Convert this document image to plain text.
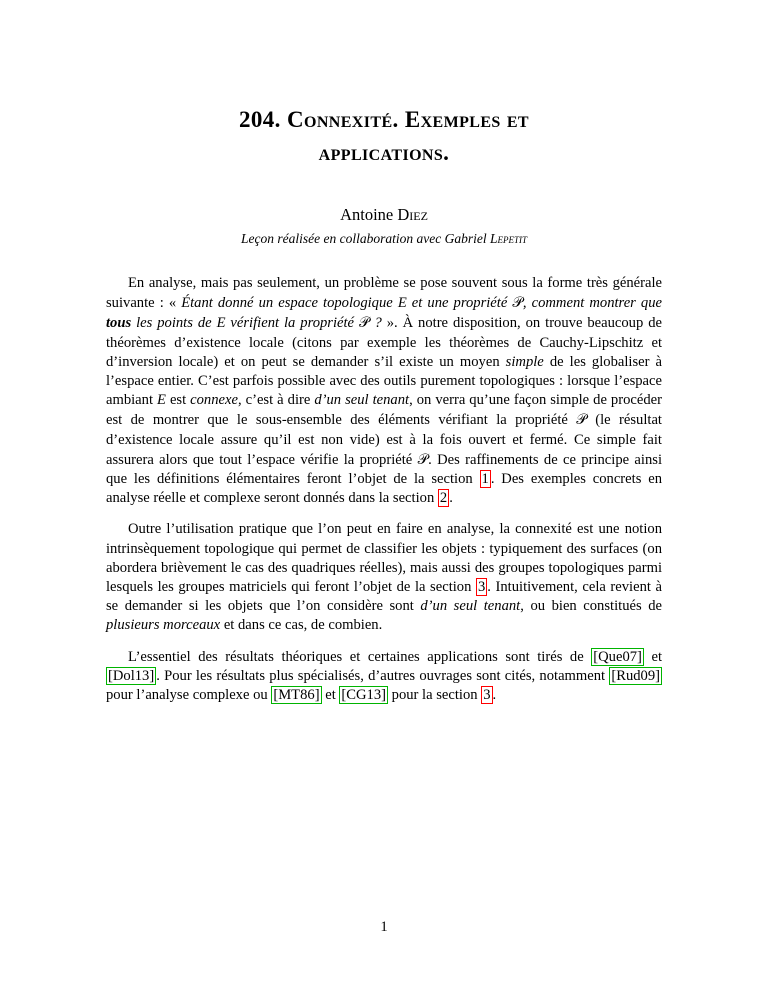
204. Connexité. Exemples et
applications.
Antoine Diez
Leçon réalisée en collaboration avec Gabriel Lepetit

En analyse, mais pas seulement, un problème se pose souvent sous la forme très générale suivante : « Étant donné un espace topologique E et une propriété 𝒫, comment montrer que tous les points de E vérifient la propriété 𝒫 ? ». À notre disposition, on trouve beaucoup de théorèmes d’existence locale (citons par exemple les théorèmes de Cauchy-Lipschitz et d’inversion locale) et on peut se demander s’il existe un moyen simple de les globaliser à l’espace entier. C’est parfois possible avec des outils purement topologiques : lorsque l’espace ambiant E est connexe, c’est à dire d’un seul tenant, on verra qu’une façon simple de procéder est de montrer que le sous-ensemble des éléments vérifiant la propriété 𝒫 (le résultat d’existence locale assure qu’il est non vide) est à la fois ouvert et fermé. Ce simple fait assurera alors que tout l’espace vérifie la propriété 𝒫. Des raffinements de ce principe ainsi que les définitions élémentaires feront l’objet de la section 1 . Des exemples concrets en analyse réelle et complexe seront donnés dans la section 2 .

Outre l’utilisation pratique que l’on peut en faire en analyse, la connexité est une notion intrinsèquement topologique qui permet de classifier les objets : typiquement des surfaces (on abordera brièvement le cas des quadriques réelles), mais aussi des groupes topologiques parmi lesquels les groupes matriciels qui feront l’objet de la section 3 . Intuitivement, cela revient à se demander si les objets que l’on considère sont d’un seul tenant, ou bien constitués de plusieurs morceaux et dans ce cas, de combien.

L’essentiel des résultats théoriques et certaines applications sont tirés de [Que07] et [Dol13] . Pour les résultats plus spécialisés, d’autres ouvrages sont cités, notamment [Rud09] pour l’analyse complexe ou [MT86] et [CG13] pour la section 3 .

1
